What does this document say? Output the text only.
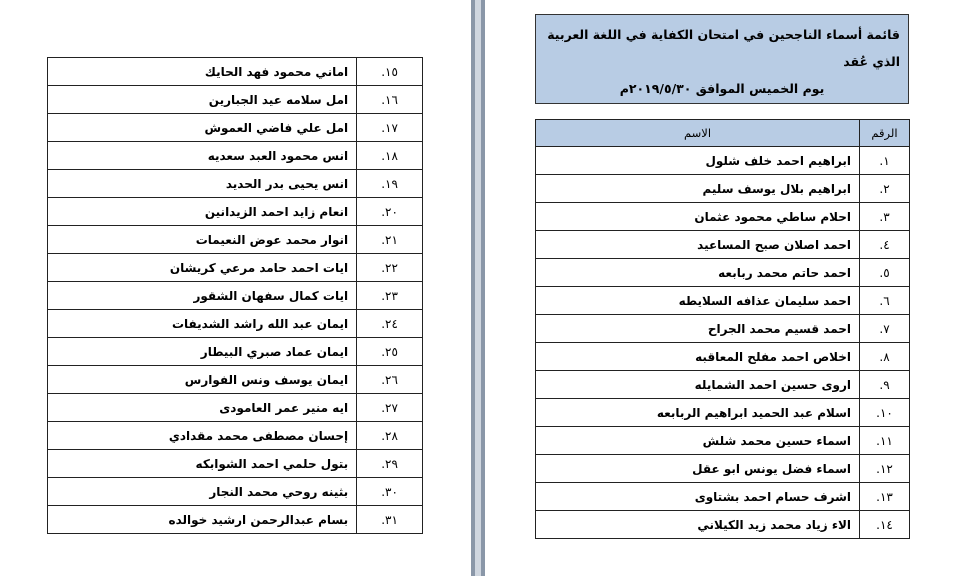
قائمة أسماء الناجحين في امتحان الكفاية في اللغة العربية الذي عُقد
يوم الخميس الموافق ٢٠١٩/٥/٣٠م
الرقم	الاسم
١.	ابراهيم احمد خلف شلول
٢.	ابراهيم بلال يوسف سليم
٣.	احلام ساطي محمود عثمان
٤.	احمد اصلان صبح المساعيد
٥.	احمد حاتم محمد ربابعه
٦.	احمد سليمان عذافه السلايطه
٧.	احمد قسيم محمد الجراح
٨.	اخلاص احمد مفلح المعاقبه
٩.	اروى حسين احمد الشمايله
١٠.	اسلام عبد الحميد ابراهيم الربابعه
١١.	اسماء حسين محمد شلش
١٢.	اسماء فضل يونس ابو عقل
١٣.	اشرف حسام احمد بشتاوى
١٤.	الاء زياد محمد زيد الكيلاني
١٥.	اماني محمود فهد الحايك
١٦.	امل سلامه عيد الجبارين
١٧.	امل علي فاضي العموش
١٨.	انس محمود العبد سعديه
١٩.	انس يحيى بدر الحديد
٢٠.	انعام زايد احمد الزيدانين
٢١.	انوار محمد عوض النعيمات
٢٢.	ايات احمد حامد مرعي كريشان
٢٣.	ايات كمال سفهان الشقور
٢٤.	ايمان عبد الله راشد الشديفات
٢٥.	ايمان عماد صبري البيطار
٢٦.	ايمان يوسف ونس الفوارس
٢٧.	ايه منير عمر العامودى
٢٨.	إحسان مصطفى محمد مقدادي
٢٩.	بتول حلمي احمد الشوابكه
٣٠.	بثينه روحي محمد النجار
٣١.	بسام عبدالرحمن ارشيد خوالده
